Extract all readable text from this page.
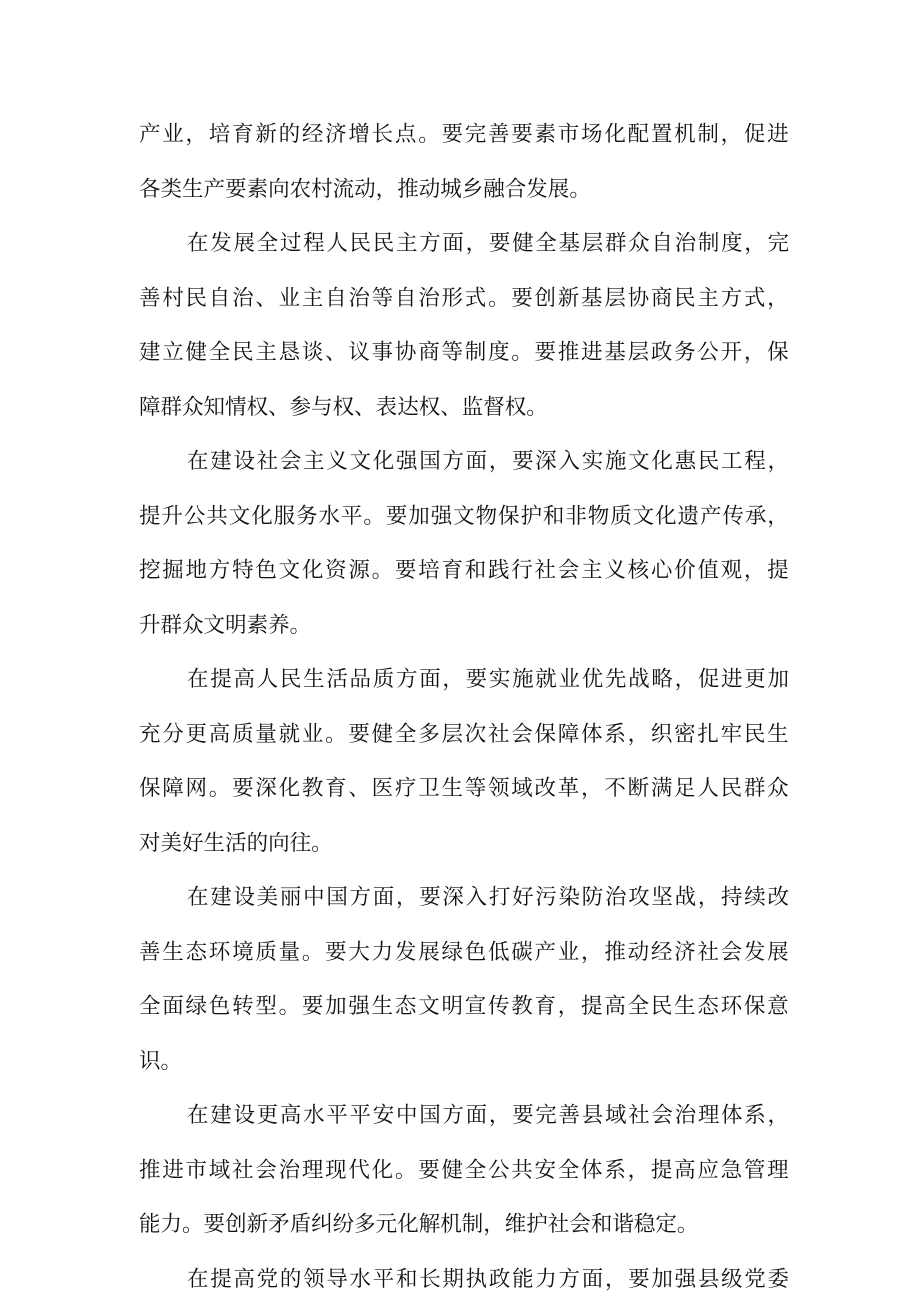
产 业 ， 培 育 新 的 经 济 增 长 点 。 要 完 善 要 素 市 场 化 配 置 机 制 ， 促 进
各 类 生 产 要 素 向 农 村 流 动 ， 推 动 城 乡 融 合 发 展 。
在 发 展 全 过 程 人 民 民 主 方 面 ， 要 健 全 基 层 群 众 自 治 制 度 ， 完
善 村 民 自 治 、 业 主 自 治 等 自 治 形 式 。 要 创 新 基 层 协 商 民 主 方 式 ，
建 立 健 全 民 主 恳 谈 、 议 事 协 商 等 制 度 。 要 推 进 基 层 政 务 公 开 ， 保
障 群 众 知 情 权 、 参 与 权 、 表 达 权 、 监 督 权 。
在 建 设 社 会 主 义 文 化 强 国 方 面 ， 要 深 入 实 施 文 化 惠 民 工 程 ，
提 升 公 共 文 化 服 务 水 平 。 要 加 强 文 物 保 护 和 非 物 质 文 化 遗 产 传 承 ，
挖 掘 地 方 特 色 文 化 资 源 。 要 培 育 和 践 行 社 会 主 义 核 心 价 值 观 ， 提
升 群 众 文 明 素 养 。
在 提 高 人 民 生 活 品 质 方 面 ， 要 实 施 就 业 优 先 战 略 ， 促 进 更 加
充 分 更 高 质 量 就 业 。 要 健 全 多 层 次 社 会 保 障 体 系 ， 织 密 扎 牢 民 生
保 障 网 。 要 深 化 教 育 、 医 疗 卫 生 等 领 域 改 革 ， 不 断 满 足 人 民 群 众
对 美 好 生 活 的 向 往 。
在 建 设 美 丽 中 国 方 面 ， 要 深 入 打 好 污 染 防 治 攻 坚 战 ， 持 续 改
善 生 态 环 境 质 量 。 要 大 力 发 展 绿 色 低 碳 产 业 ， 推 动 经 济 社 会 发 展
全 面 绿 色 转 型 。 要 加 强 生 态 文 明 宣 传 教 育 ， 提 高 全 民 生 态 环 保 意
识 。
在 建 设 更 高 水 平 平 安 中 国 方 面 ， 要 完 善 县 域 社 会 治 理 体 系 ，
推 进 市 域 社 会 治 理 现 代 化 。 要 健 全 公 共 安 全 体 系 ， 提 高 应 急 管 理
能 力 。 要 创 新 矛 盾 纠 纷 多 元 化 解 机 制 ， 维 护 社 会 和 谐 稳 定 。
在 提 高 党 的 领 导 水 平 和 长 期 执 政 能 力 方 面 ， 要 加 强 县 级 党 委
